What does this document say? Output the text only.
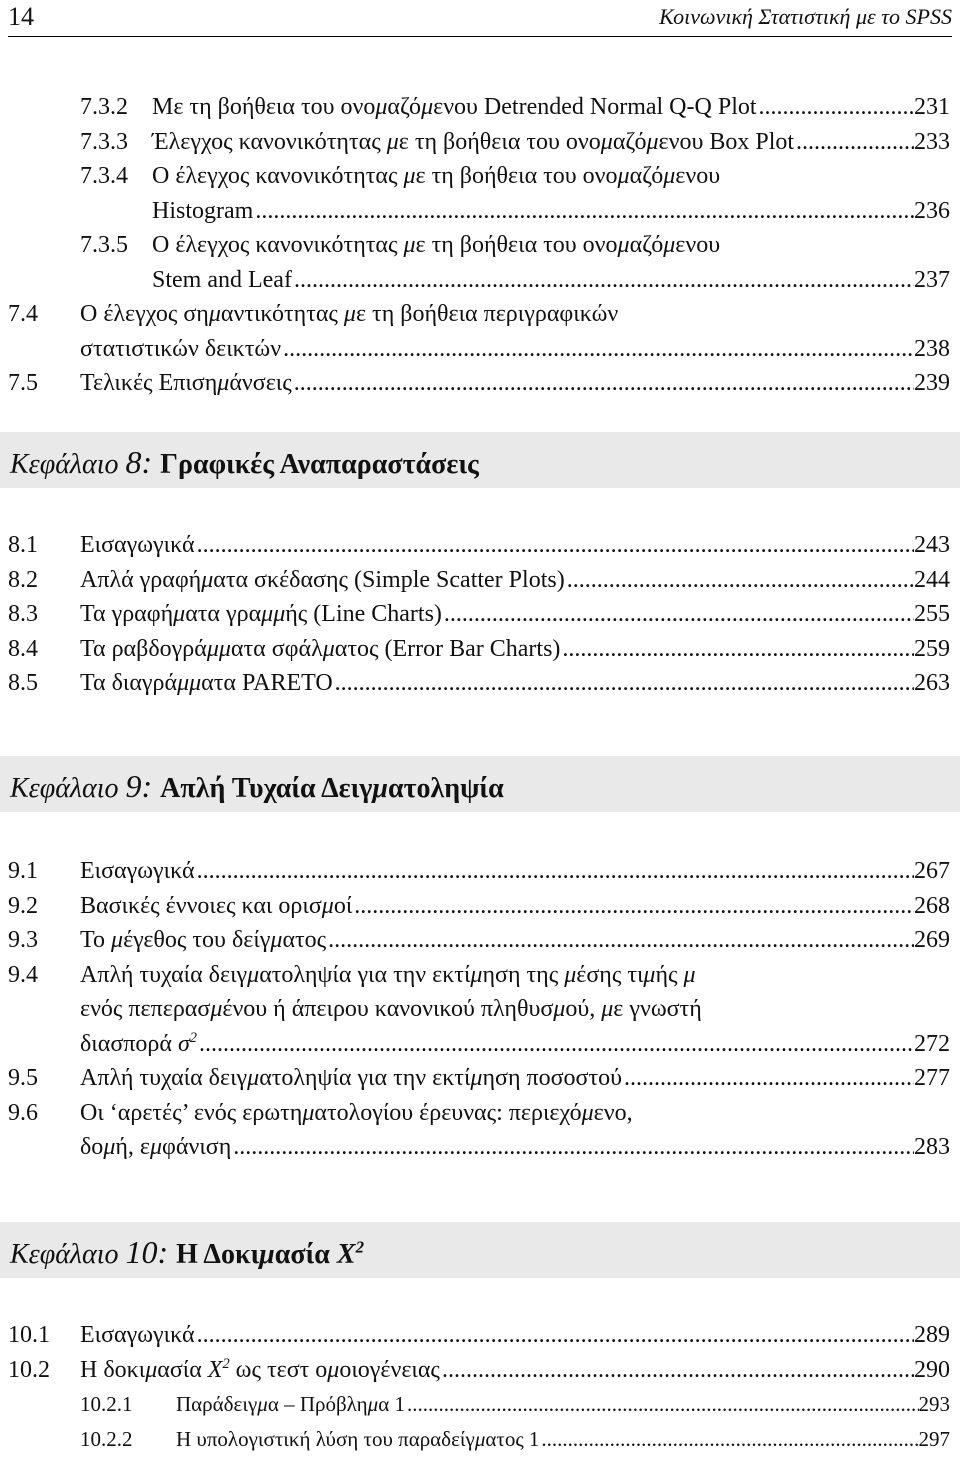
14	Κοινωνική Στατιστική με το SPSS
7.3.2 Με τη βοήθεια του ονομαζόμενου Detrended Normal Q-Q Plot .....	231
7.3.3 Έλεγχος κανονικότητας με τη βοήθεια του ονομαζόμενου Box Plot .....	233
7.3.4 Ο έλεγχος κανονικότητας με τη βοήθεια του ονομαζόμενου
Histogram .....	236
7.3.5 Ο έλεγχος κανονικότητας με τη βοήθεια του ονομαζόμενου
Stem and Leaf .....	237
7.4 Ο έλεγχος σημαντικότητας με τη βοήθεια περιγραφικών
στατιστικών δεικτών .....	238
7.5 Τελικές Επισημάνσεις .....	239
Κεφάλαιο 8: Γραφικές Αναπαραστάσεις
8.1 Εισαγωγικά .....	243
8.2 Απλά γραφήματα σκέδασης (Simple Scatter Plots) .....	244
8.3 Τα γραφήματα γραμμής (Line Charts) .....	255
8.4 Τα ραβδογράμματα σφάλματος (Error Bar Charts) .....	259
8.5 Τα διαγράμματα PARETO .....	263
Κεφάλαιο 9: Απλή Τυχαία Δειγματοληψία
9.1 Εισαγωγικά .....	267
9.2 Βασικές έννοιες και ορισμοί .....	268
9.3 Το μέγεθος του δείγματος .....	269
9.4 Απλή τυχαία δειγματοληψία για την εκτίμηση της μέσης τιμής μ
ενός πεπερασμένου ή άπειρου κανονικού πληθυσμού, με γνωστή
διασπορά $\sigma^2$ .....	272
9.5 Απλή τυχαία δειγματοληψία για την εκτίμηση ποσοστού .....	277
9.6 Οι ‘αρετές’ ενός ερωτηματολογίου έρευνας: περιεχόμενο,
δομή, εμφάνιση .....	283
Κεφάλαιο 10: Η Δοκιμασία $X^2$
10.1 Εισαγωγικά .....	289
10.2 Η δοκιμασία $X^2$ ως τεστ ομοιογένειας .....	290
10.2.1 Παράδειγμα – Πρόβλημα 1 .....	293
10.2.2 Η υπολογιστική λύση του παραδείγματος 1 .....	297
